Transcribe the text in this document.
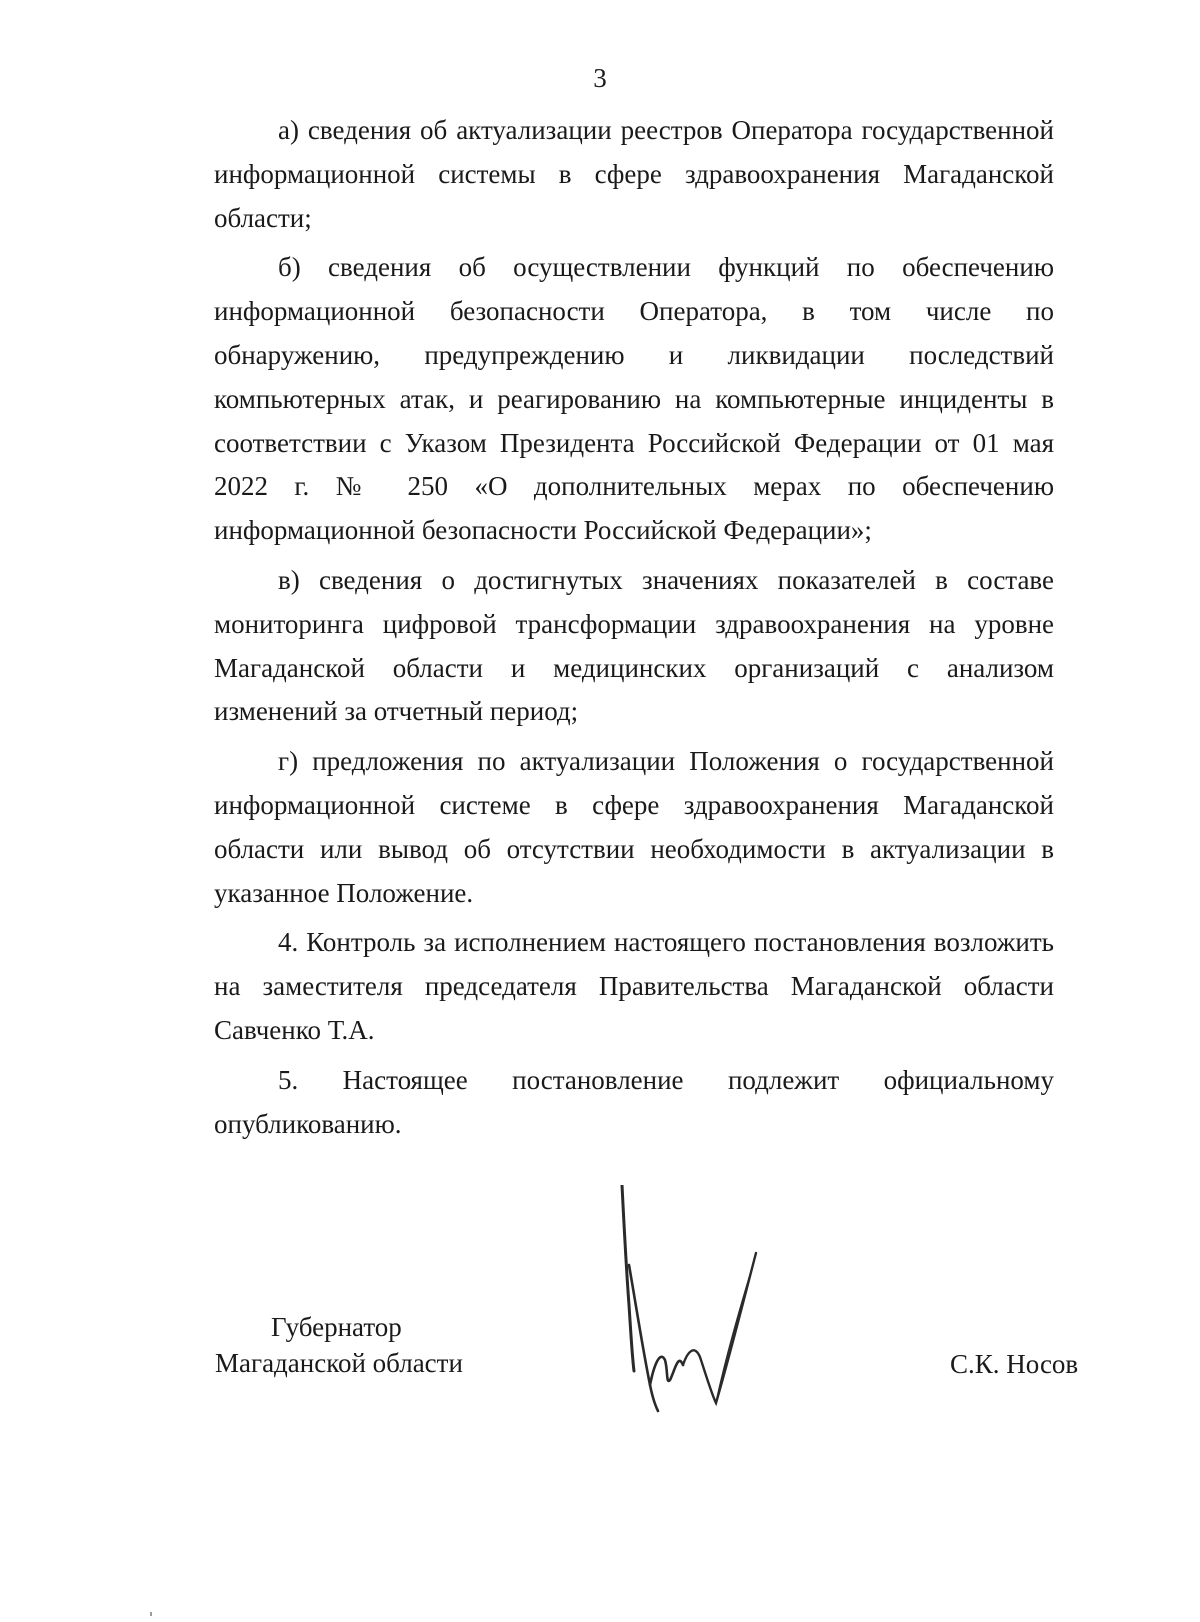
3

а) сведения об актуализации реестров Оператора государственной информационной системы в сфере здравоохранения Магаданской области;

б) сведения об осуществлении функций по обеспечению информационной безопасности Оператора, в том числе по обнаружению, предупреждению и ликвидации последствий компьютерных атак, и реагированию на компьютерные инциденты в соответствии с Указом Президента Российской Федерации от 01 мая 2022 г. № 250 «О дополнительных мерах по обеспечению информационной безопасности Российской Федерации»;

в) сведения о достигнутых значениях показателей в составе мониторинга цифровой трансформации здравоохранения на уровне Магаданской области и медицинских организаций с анализом изменений за отчетный период;

г) предложения по актуализации Положения о государственной информационной системе в сфере здравоохранения Магаданской области или вывод об отсутствии необходимости в актуализации в указанное Положение.

4. Контроль за исполнением настоящего постановления возложить на заместителя председателя Правительства Магаданской области Савченко Т.А.

5. Настоящее постановление подлежит официальному опубликованию.

Губернатор
Магаданской области	С.К. Носов
